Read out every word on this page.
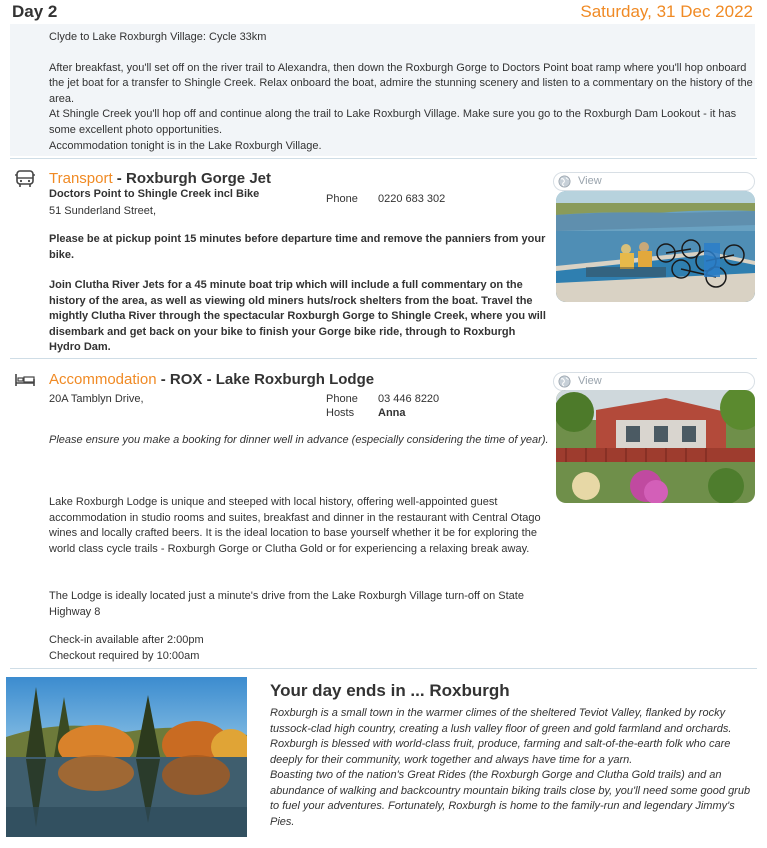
Day 2	Saturday, 31 Dec 2022

Clyde to Lake Roxburgh Village: Cycle 33km

After breakfast, you'll set off on the river trail to Alexandra, then down the Roxburgh Gorge to Doctors Point boat ramp where you'll hop onboard the jet boat for a transfer to Shingle Creek. Relax onboard the boat, admire the stunning scenery and listen to a commentary on the history of the area.

At Shingle Creek you'll hop off and continue along the trail to Lake Roxburgh Village. Make sure you go to the Roxburgh Dam Lookout - it has some excellent photo opportunities.

Accommodation tonight is in the Lake Roxburgh Village.

Transport - Roxburgh Gorge Jet
Doctors Point to Shingle Creek incl Bike
51 Sunderland Street,
Phone 0220 683 302
Please be at pickup point 15 minutes before departure time and remove the panniers from your bike.
Join Clutha River Jets for a 45 minute boat trip which will include a full commentary on the history of the area, as well as viewing old miners huts/rock shelters from the boat. Travel the mightly Clutha River through the spectacular Roxburgh Gorge to Shingle Creek, where you will disembark and get back on your bike to finish your Gorge bike ride, through to Roxburgh Hydro Dam.
View
Accommodation - ROX - Lake Roxburgh Lodge
20A Tamblyn Drive,	Phone 03 446 8220
Hosts Anna
Please ensure you make a booking for dinner well in advance (especially considering the time of year).
Lake Roxburgh Lodge is unique and steeped with local history, offering well-appointed guest accommodation in studio rooms and suites, breakfast and dinner in the restaurant with Central Otago wines and locally crafted beers. It is the ideal location to base yourself whether it be for exploring the world class cycle trails - Roxburgh Gorge or Clutha Gold or for experiencing a relaxing break away.
The Lodge is ideally located just a minute's drive from the Lake Roxburgh Village turn-off on State Highway 8
Check-in available after 2:00pm
Checkout required by 10:00am
View
Your day ends in ... Roxburgh

Roxburgh is a small town in the warmer climes of the sheltered Teviot Valley, flanked by rocky tussock-clad high country, creating a lush valley floor of green and gold farmland and orchards. Roxburgh is blessed with world-class fruit, produce, farming and salt-of-the-earth folk who care deeply for their community, work together and always have time for a yarn.

Boasting two of the nation's Great Rides (the Roxburgh Gorge and Clutha Gold trails) and an abundance of walking and backcountry mountain biking trails close by, you'll need some good grub to fuel your adventures. Fortunately, Roxburgh is home to the family-run and legendary Jimmy's Pies.
